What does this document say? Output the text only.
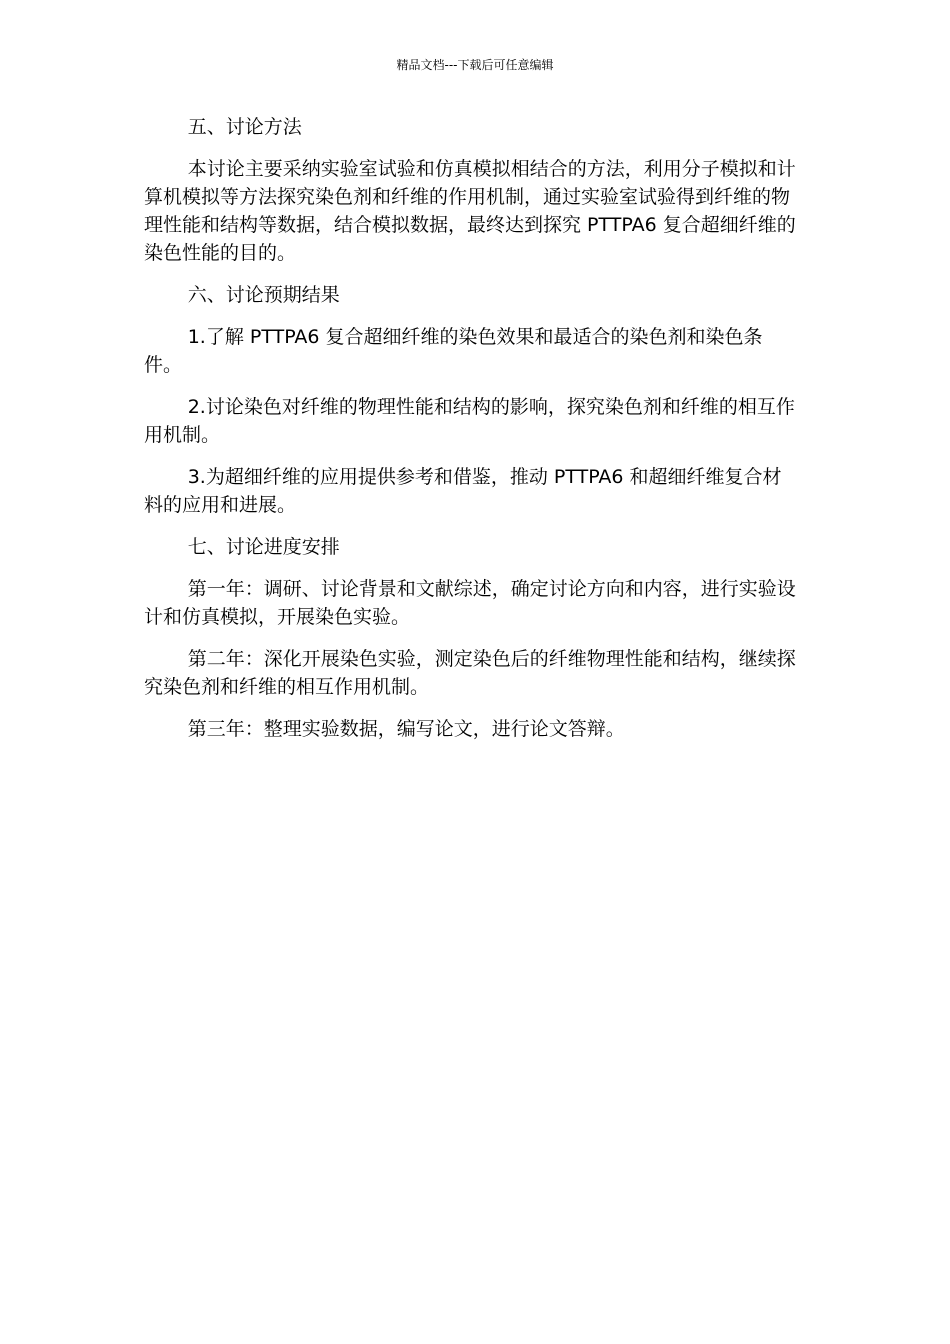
精品文档---下载后可任意编辑

五、讨论方法

本讨论主要采纳实验室试验和仿真模拟相结合的方法，利用分子模拟和计算机模拟等方法探究染色剂和纤维的作用机制，通过实验室试验得到纤维的物理性能和结构等数据，结合模拟数据，最终达到探究 PTTPA6 复合超细纤维的染色性能的目的。

六、讨论预期结果

1.了解 PTTPA6 复合超细纤维的染色效果和最适合的染色剂和染色条件。

2.讨论染色对纤维的物理性能和结构的影响，探究染色剂和纤维的相互作用机制。

3.为超细纤维的应用提供参考和借鉴，推动 PTTPA6 和超细纤维复合材料的应用和进展。

七、讨论进度安排

第一年：调研、讨论背景和文献综述，确定讨论方向和内容，进行实验设计和仿真模拟，开展染色实验。

第二年：深化开展染色实验，测定染色后的纤维物理性能和结构，继续探究染色剂和纤维的相互作用机制。

第三年：整理实验数据，编写论文，进行论文答辩。
